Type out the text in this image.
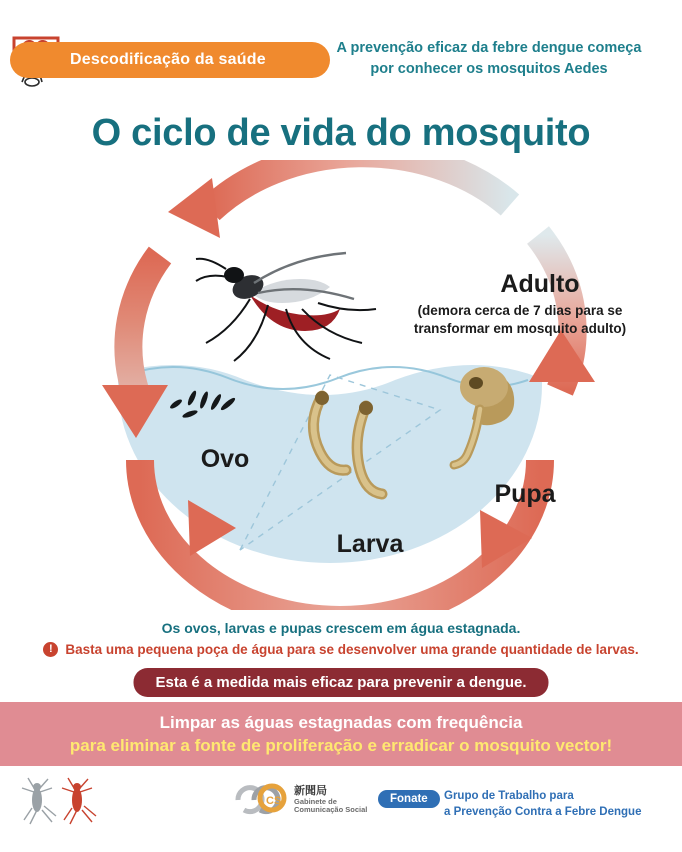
Descodificação da saúde
A prevenção eficaz da febre dengue começa por conhecer os mosquitos Aedes
O ciclo de vida do mosquito
Adulto
(demora cerca de 7 dias para se transformar em mosquito adulto)
Ovo
Larva
Pupa
Os ovos, larvas e pupas crescem em água estagnada.
! Basta uma pequena poça de água para se desenvolver uma grande quantidade de larvas.
Esta é a medida mais eficaz para prevenir a dengue.
Limpar as águas estagnadas com frequência
para eliminar a fonte de proliferação e erradicar o mosquito vector!
CS
新聞局
Gabinete de
Comunicação Social
Fonate	Grupo de Trabalho para
a Prevenção Contra a Febre Dengue
